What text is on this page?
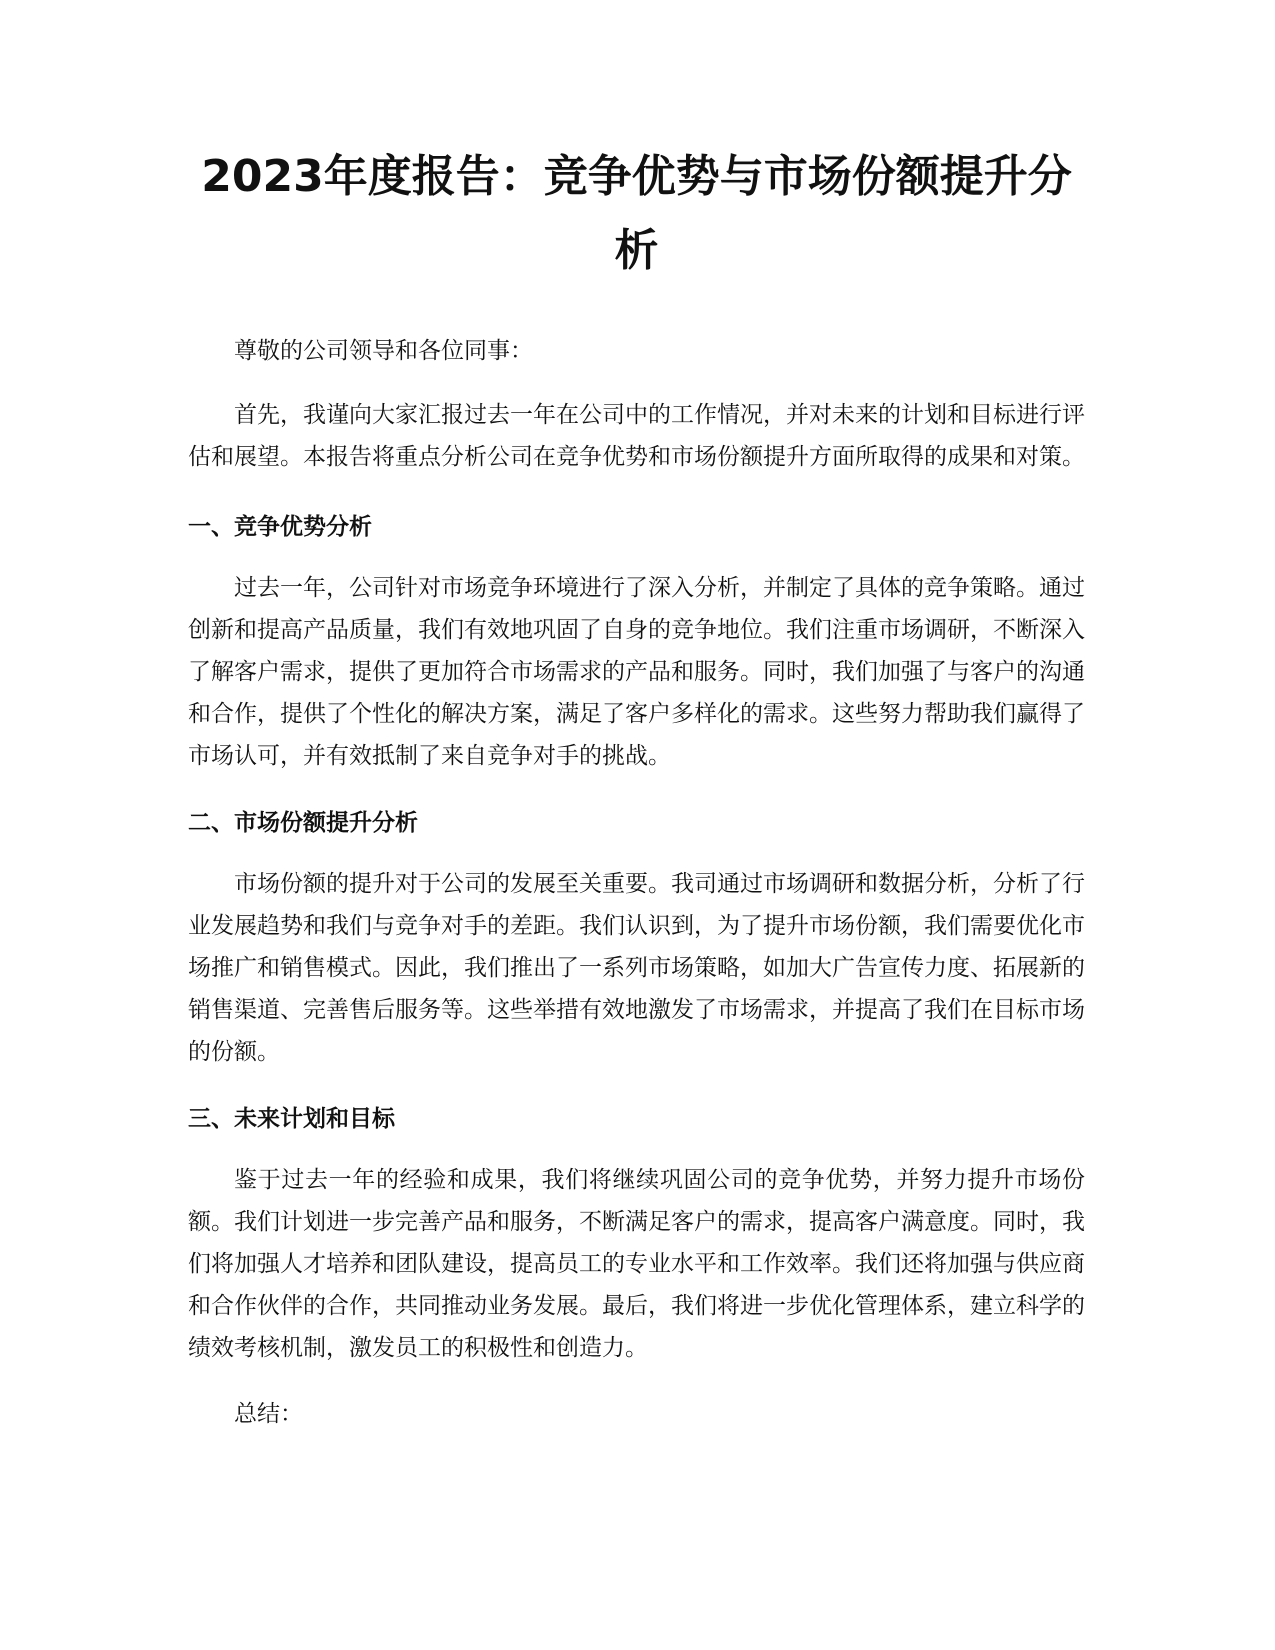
2023年度报告：竞争优势与市场份额提升分析

尊敬的公司领导和各位同事：

首先，我谨向大家汇报过去一年在公司中的工作情况，并对未来的计划和目标进行评估和展望。本报告将重点分析公司在竞争优势和市场份额提升方面所取得的成果和对策。

一、竞争优势分析

过去一年，公司针对市场竞争环境进行了深入分析，并制定了具体的竞争策略。通过创新和提高产品质量，我们有效地巩固了自身的竞争地位。我们注重市场调研，不断深入了解客户需求，提供了更加符合市场需求的产品和服务。同时，我们加强了与客户的沟通和合作，提供了个性化的解决方案，满足了客户多样化的需求。这些努力帮助我们赢得了市场认可，并有效抵制了来自竞争对手的挑战。

二、市场份额提升分析

市场份额的提升对于公司的发展至关重要。我司通过市场调研和数据分析，分析了行业发展趋势和我们与竞争对手的差距。我们认识到，为了提升市场份额，我们需要优化市场推广和销售模式。因此，我们推出了一系列市场策略，如加大广告宣传力度、拓展新的销售渠道、完善售后服务等。这些举措有效地激发了市场需求，并提高了我们在目标市场的份额。

三、未来计划和目标

鉴于过去一年的经验和成果，我们将继续巩固公司的竞争优势，并努力提升市场份额。我们计划进一步完善产品和服务，不断满足客户的需求，提高客户满意度。同时，我们将加强人才培养和团队建设，提高员工的专业水平和工作效率。我们还将加强与供应商和合作伙伴的合作，共同推动业务发展。最后，我们将进一步优化管理体系，建立科学的绩效考核机制，激发员工的积极性和创造力。

总结：
